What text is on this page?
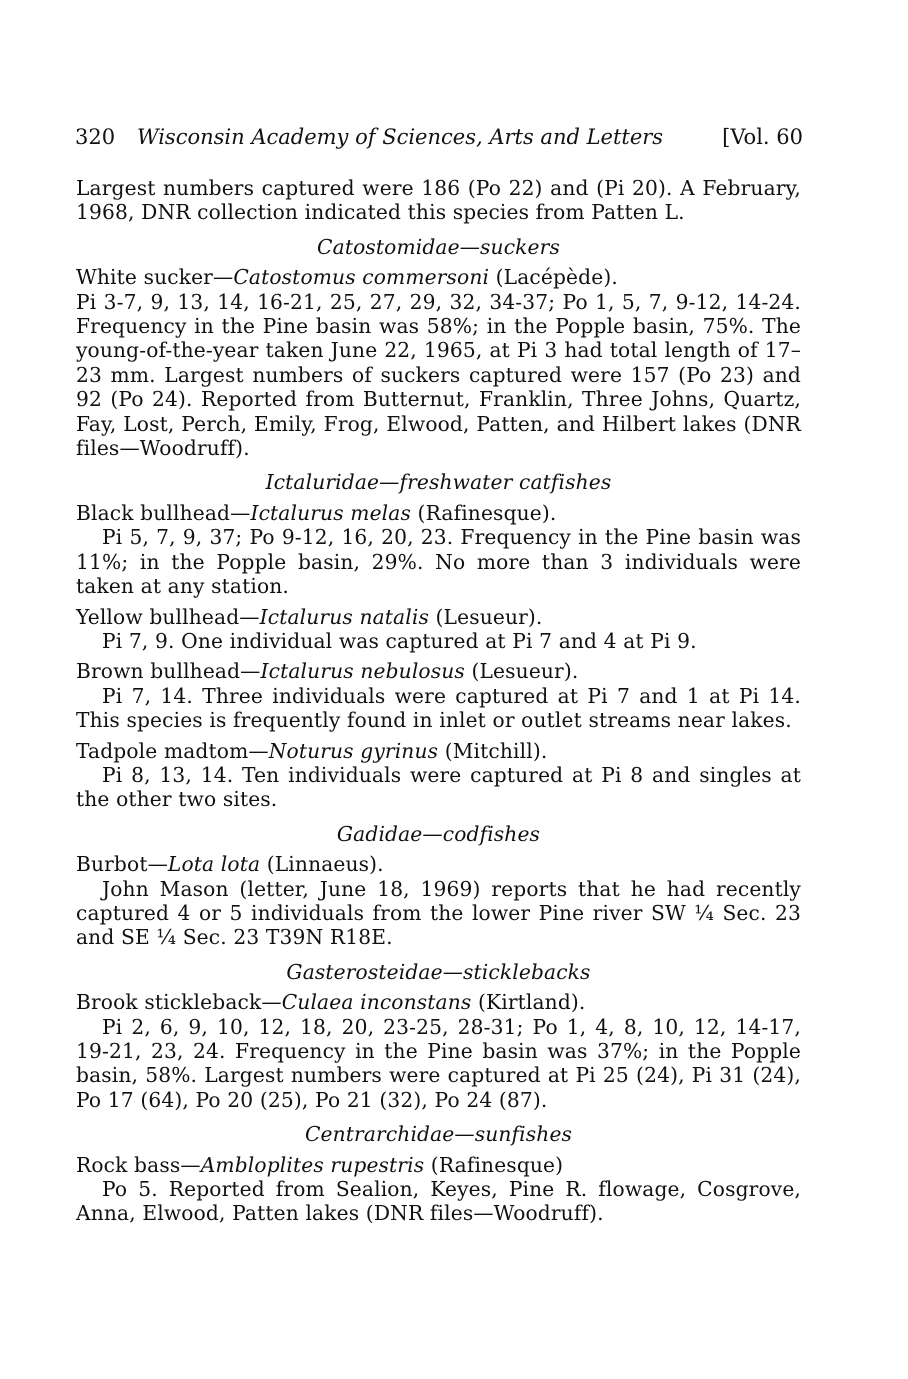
320 Wisconsin Academy of Sciences, Arts and Letters	[Vol. 60

Largest numbers captured were 186 (Po 22) and (Pi 20). A February, 1968, DNR collection indicated this species from Patten L.

Catostomidae—suckers

White sucker—Catostomus commersoni (Lacépède).

Pi 3-7, 9, 13, 14, 16-21, 25, 27, 29, 32, 34-37; Po 1, 5, 7, 9-12, 14-24. Frequency in the Pine basin was 58%; in the Popple basin, 75%. The young-of-the-year taken June 22, 1965, at Pi 3 had total length of 17–23 mm. Largest numbers of suckers captured were 157 (Po 23) and 92 (Po 24). Reported from Butternut, Franklin, Three Johns, Quartz, Fay, Lost, Perch, Emily, Frog, Elwood, Patten, and Hilbert lakes (DNR files—Woodruff).

Ictaluridae—freshwater catfishes

Black bullhead—Ictalurus melas (Rafinesque).

Pi 5, 7, 9, 37; Po 9-12, 16, 20, 23. Frequency in the Pine basin was 11%; in the Popple basin, 29%. No more than 3 individuals were taken at any station.

Yellow bullhead—Ictalurus natalis (Lesueur).

Pi 7, 9. One individual was captured at Pi 7 and 4 at Pi 9.

Brown bullhead—Ictalurus nebulosus (Lesueur).

Pi 7, 14. Three individuals were captured at Pi 7 and 1 at Pi 14. This species is frequently found in inlet or outlet streams near lakes.

Tadpole madtom—Noturus gyrinus (Mitchill).

Pi 8, 13, 14. Ten individuals were captured at Pi 8 and singles at the other two sites.

Gadidae—codfishes

Burbot—Lota lota (Linnaeus).

John Mason (letter, June 18, 1969) reports that he had recently captured 4 or 5 individuals from the lower Pine river SW ¼ Sec. 23 and SE ¼ Sec. 23 T39N R18E.

Gasterosteidae—sticklebacks

Brook stickleback—Culaea inconstans (Kirtland).

Pi 2, 6, 9, 10, 12, 18, 20, 23-25, 28-31; Po 1, 4, 8, 10, 12, 14-17, 19-21, 23, 24. Frequency in the Pine basin was 37%; in the Popple basin, 58%. Largest numbers were captured at Pi 25 (24), Pi 31 (24), Po 17 (64), Po 20 (25), Po 21 (32), Po 24 (87).

Centrarchidae—sunfishes

Rock bass—Ambloplites rupestris (Rafinesque)

Po 5. Reported from Sealion, Keyes, Pine R. flowage, Cosgrove, Anna, Elwood, Patten lakes (DNR files—Woodruff).
